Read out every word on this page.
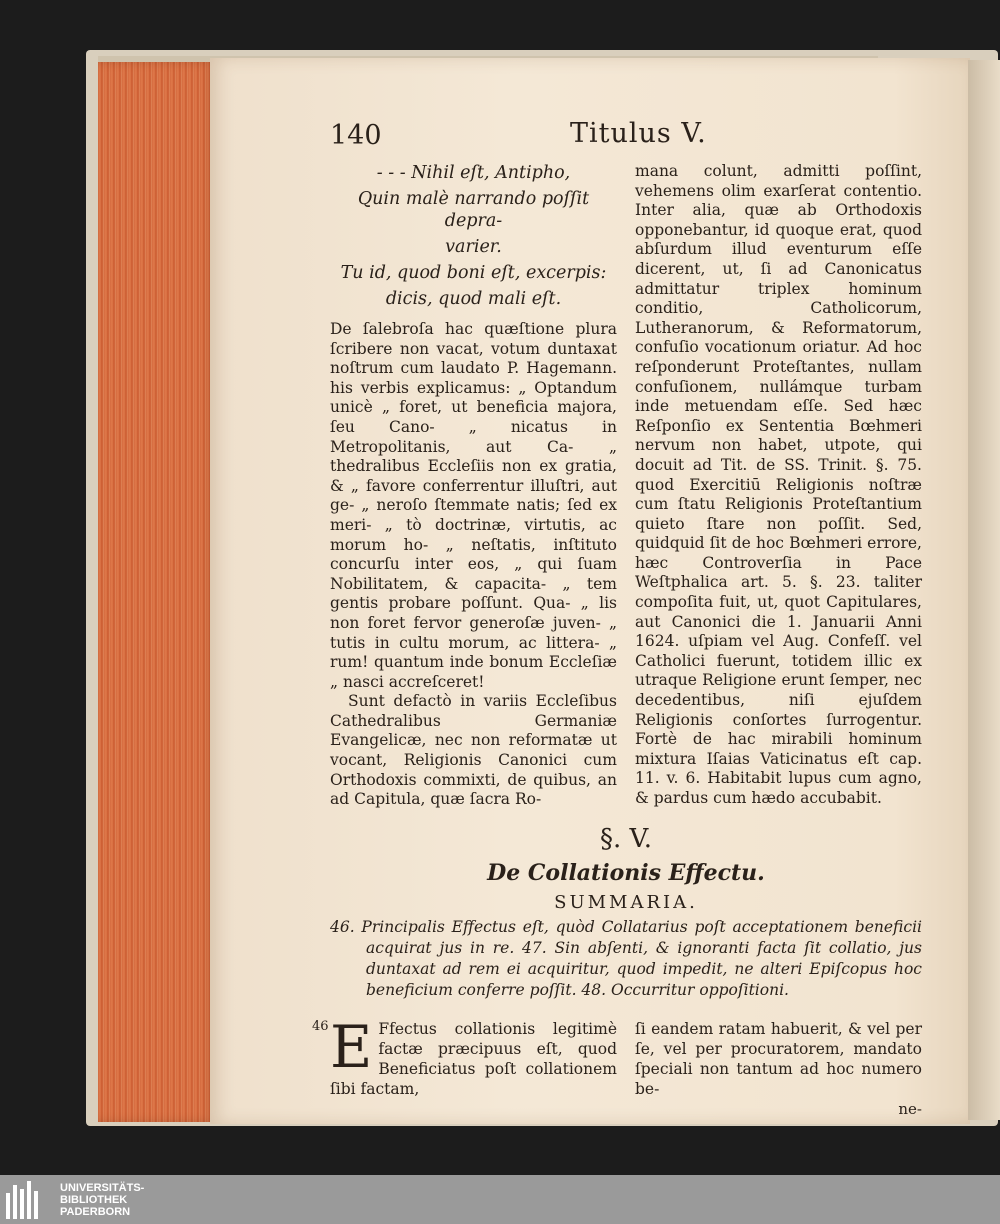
140	Titulus V.
- - - Nihil eſt, Antipho,
Quin malè narrando poſſit depra-
varier.
Tu id, quod boni eſt, excerpis:
dicis, quod mali eſt.

De ſalebroſa hac quæſtione plura ſcribere non vacat, votum duntaxat noſtrum cum laudato P. Hagemann. his verbis explicamus: „ Optandum unicè „ foret, ut beneficia majora, ſeu Cano- „ nicatus in Metropolitanis, aut Ca- „ thedralibus Eccleſiis non ex gratia, & „ favore conferrentur illuſtri, aut ge- „ neroſo ſtemmate natis; ſed ex meri- „ tò doctrinæ, virtutis, ac morum ho- „ neſtatis, inſtituto concurſu inter eos, „ qui ſuam Nobilitatem, & capacita- „ tem gentis probare poſſunt. Qua- „ lis non foret fervor generoſæ juven- „ tutis in cultu morum, ac littera- „ rum! quantum inde bonum Eccleſiæ „ nasci accreſceret!

Sunt defactò in variis Eccleſibus Cathedralibus Germaniæ Evangelicæ, nec non reformatæ ut vocant, Religionis Canonici cum Orthodoxis commixti, de quibus, an ad Capitula, quæ ſacra Ro-

mana colunt, admitti poſſint, vehemens olim exarſerat contentio. Inter alia, quæ ab Orthodoxis opponebantur, id quoque erat, quod abſurdum illud eventurum eſſe dicerent, ut, ſi ad Canonicatus admittatur triplex hominum conditio, Catholicorum, Lutheranorum, & Reformatorum, confuſio vocationum oriatur. Ad hoc reſponderunt Proteſtantes, nullam confuſionem, nullámque turbam inde metuendam eſſe. Sed hæc Reſponſio ex Sententia Bœhmeri nervum non habet, utpote, qui docuit ad Tit. de SS. Trinit. §. 75. quod Exercitiū Religionis noſtræ cum ſtatu Religionis Proteſtantium quieto ſtare non poſſit. Sed, quidquid ſit de hoc Bœhmeri errore, hæc Controverſia in Pace Weſtphalica art. 5. §. 23. taliter compoſita fuit, ut, quot Capitulares, aut Canonici die 1. Januarii Anni 1624. uſpiam vel Aug. Confeſſ. vel Catholici fuerunt, totidem illic ex utraque Religione erunt ſemper, nec decedentibus, niſi ejuſdem Religionis conſortes ſurrogentur. Fortè de hac mirabili hominum mixtura Iſaias Vaticinatus eſt cap. 11. v. 6. Habitabit lupus cum agno, & pardus cum hædo accubabit.

§. V.
De Collationis Effectu.
SUMMARIA.
46. Principalis Effectus eſt, quòd Collatarius poſt acceptationem beneficii acquirat jus in re. 47. Sin abſenti, & ignoranti facta ſit collatio, jus duntaxat ad rem ei acquiritur, quod impedit, ne alteri Epiſcopus hoc beneficium conferre poſſit. 48. Occurritur oppoſitioni.
46 E Ffectus collationis legitimè factæ præcipuus eſt, quod Beneficiatus poſt collationem ſibi factam,
ſi eandem ratam habuerit, & vel per ſe, vel per procuratorem, mandato ſpeciali non tantum ad hoc numero be-
ne-
UNIVERSITÄTS-
BIBLIOTHEK
PADERBORN
